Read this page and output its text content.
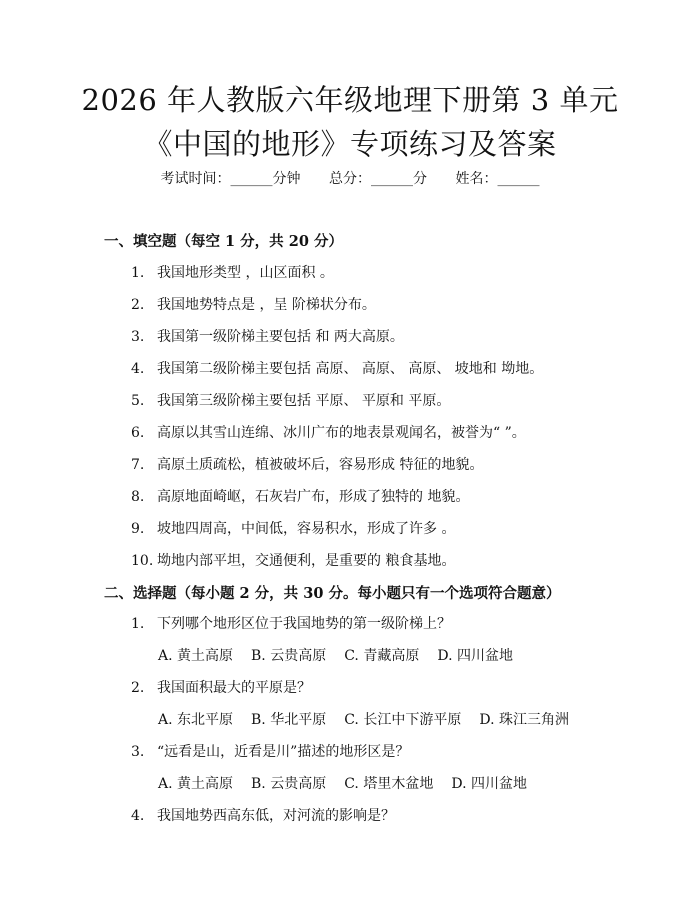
2026 年人教版六年级地理下册第 3 单元《中国的地形》专项练习及答案
考试时间：______分钟 总分：______分 姓名：______
一、填空题（每空 1 分，共 20 分）
1. 我国地形类型 ，山区面积 。
2. 我国地势特点是 ，呈 阶梯状分布。
3. 我国第一级阶梯主要包括 和 两大高原。
4. 我国第二级阶梯主要包括 高原、 高原、 高原、 坡地和 坳地。
5. 我国第三级阶梯主要包括 平原、 平原和 平原。
6. 高原以其雪山连绵、冰川广布的地表景观闻名，被誉为“ ”。
7. 高原土质疏松，植被破坏后，容易形成 特征的地貌。
8. 高原地面崎岖，石灰岩广布，形成了独特的 地貌。
9. 坡地四周高，中间低，容易积水，形成了许多 。
10. 坳地内部平坦，交通便利，是重要的 粮食基地。
二、选择题（每小题 2 分，共 30 分。每小题只有一个选项符合题意）
1. 下列哪个地形区位于我国地势的第一级阶梯上？
A. 黄土高原 B. 云贵高原 C. 青藏高原 D. 四川盆地
2. 我国面积最大的平原是？
A. 东北平原 B. 华北平原 C. 长江中下游平原 D. 珠江三角洲
3. “远看是山，近看是川”描述的地形区是？
A. 黄土高原 B. 云贵高原 C. 塔里木盆地 D. 四川盆地
4. 我国地势西高东低，对河流的影响是？
